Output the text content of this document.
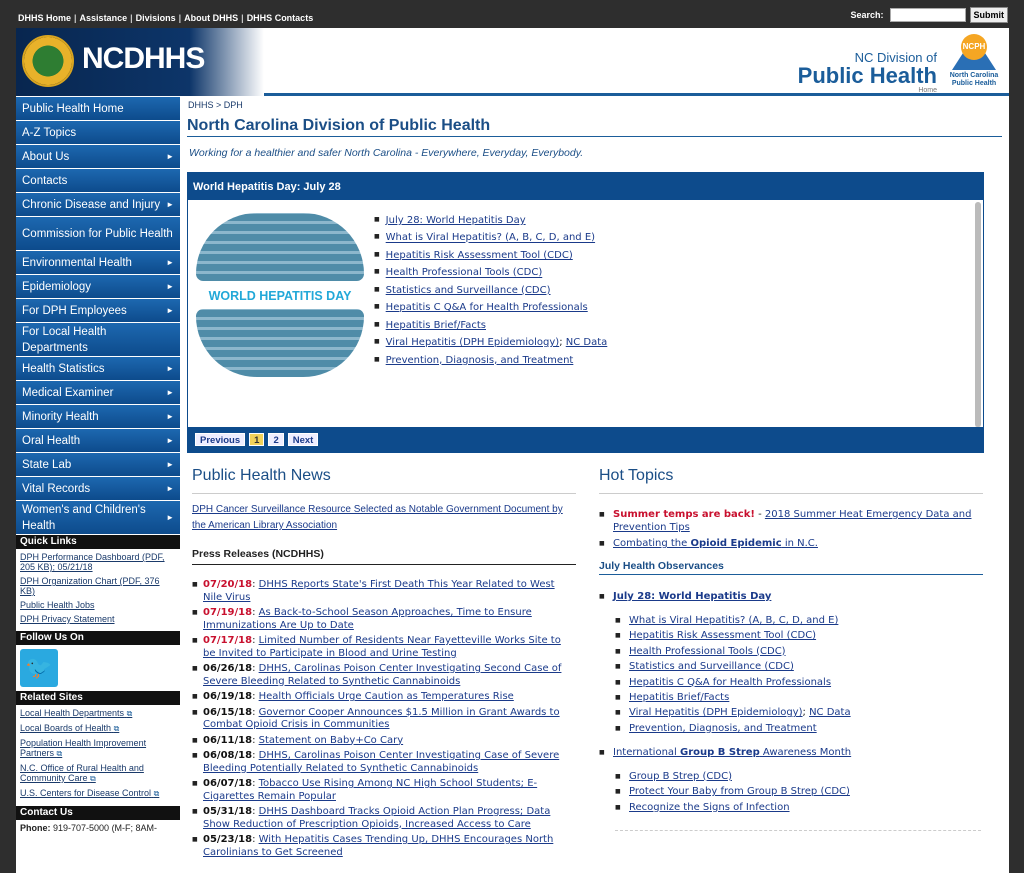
DHHS Home | Assistance | Divisions | About DHHS | DHHS Contacts	Search:	Submit
NCDHHS	NC Division of
Public Health
Home
NCPH
North Carolina Public Health
Public Health Home
A-Z Topics
About Us	►
Contacts
Chronic Disease and Injury ►
Commission for Public Health
Environmental Health	►
Epidemiology	►
For DPH Employees	►
For Local Health Departments
Health Statistics	►
Medical Examiner	►
Minority Health	►
Oral Health	►
State Lab	►
Vital Records	►
Women's and Children's Health
►
Quick Links
DPH Performance Dashboard (PDF, 205 KB); 05/21/18
DPH Organization Chart (PDF, 376 KB)
Public Health Jobs
DPH Privacy Statement
Follow Us On
🐦
Related Sites
Local Health Departments ⧉
Local Boards of Health ⧉
Population Health Improvement Partners ⧉
N.C. Office of Rural Health and Community Care ⧉
U.S. Centers for Disease Control ⧉
Contact Us
Phone: 919-707-5000 (M-F; 8AM-
DHHS > DPH
North Carolina Division of Public Health
Working for a healthier and safer North Carolina - Everywhere, Everyday, Everybody.
World Hepatitis Day: July 28
WORLD HEPATITIS DAY
■ July 28: World Hepatitis Day
■ What is Viral Hepatitis? (A, B, C, D, and E)
■ Hepatitis Risk Assessment Tool (CDC)
■ Health Professional Tools (CDC)
■ Statistics and Surveillance (CDC)
■ Hepatitis C Q&A for Health Professionals
■ Hepatitis Brief/Facts
■ Viral Hepatitis (DPH Epidemiology); NC Data
■ Prevention, Diagnosis, and Treatment
Previous	1	2	Next
Public Health News
DPH Cancer Surveillance Resource Selected as Notable Government Document by the American Library Association
Press Releases (NCDHHS)
■ 07/20/18: DHHS Reports State's First Death This Year Related to West Nile Virus
■ 07/19/18: As Back-to-School Season Approaches, Time to Ensure Immunizations Are Up to Date
■ 07/17/18: Limited Number of Residents Near Fayetteville Works Site to be Invited to Participate in Blood and Urine Testing
■ 06/26/18: DHHS, Carolinas Poison Center Investigating Second Case of Severe Bleeding Related to Synthetic Cannabinoids
■ 06/19/18: Health Officials Urge Caution as Temperatures Rise
■ 06/15/18: Governor Cooper Announces $1.5 Million in Grant Awards to Combat Opioid Crisis in Communities
■ 06/11/18: Statement on Baby+Co Cary
■ 06/08/18: DHHS, Carolinas Poison Center Investigating Case of Severe Bleeding Potentially Related to Synthetic Cannabinoids
■ 06/07/18: Tobacco Use Rising Among NC High School Students; E-Cigarettes Remain Popular
■ 05/31/18: DHHS Dashboard Tracks Opioid Action Plan Progress; Data Show Reduction of Prescription Opioids, Increased Access to Care
■ 05/23/18: With Hepatitis Cases Trending Up, DHHS Encourages North Carolinians to Get Screened
Hot Topics
■ Summer temps are back! - 2018 Summer Heat Emergency Data and Prevention Tips
■ Combating the Opioid Epidemic in N.C.
July Health Observances
■ July 28: World Hepatitis Day
■ What is Viral Hepatitis? (A, B, C, D, and E)
■ Hepatitis Risk Assessment Tool (CDC)
■ Health Professional Tools (CDC)
■ Statistics and Surveillance (CDC)
■ Hepatitis C Q&A for Health Professionals
■ Hepatitis Brief/Facts
■ Viral Hepatitis (DPH Epidemiology); NC Data
■ Prevention, Diagnosis, and Treatment
■ International Group B Strep Awareness Month
■ Group B Strep (CDC)
■ Protect Your Baby from Group B Strep (CDC)
■ Recognize the Signs of Infection
